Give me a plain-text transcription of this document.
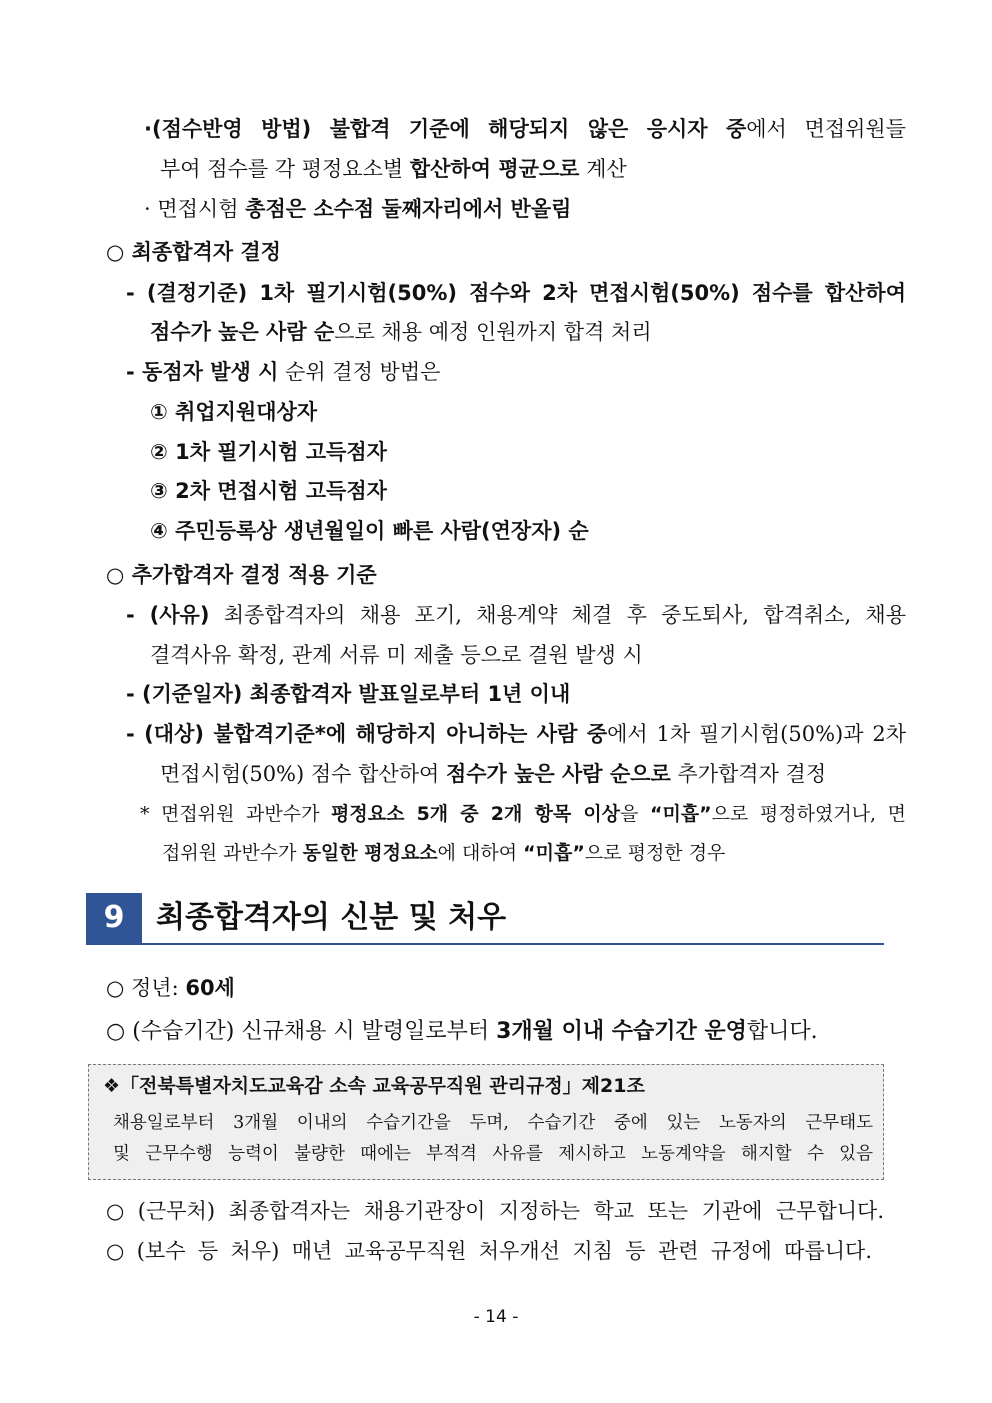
·(점수반영 방법) 불합격 기준에 해당되지 않은 응시자 중에서 면접위원들
부여 점수를 각 평정요소별 합산하여 평균으로 계산
· 면접시험 총점은 소수점 둘째자리에서 반올림
○ 최종합격자 결정
- (결정기준) 1차 필기시험(50%) 점수와 2차 면접시험(50%) 점수를 합산하여
점수가 높은 사람 순으로 채용 예정 인원까지 합격 처리
- 동점자 발생 시 순위 결정 방법은
① 취업지원대상자
② 1차 필기시험 고득점자
③ 2차 면접시험 고득점자
④ 주민등록상 생년월일이 빠른 사람(연장자) 순
○ 추가합격자 결정 적용 기준
- (사유) 최종합격자의 채용 포기, 채용계약 체결 후 중도퇴사, 합격취소, 채용
결격사유 확정, 관계 서류 미 제출 등으로 결원 발생 시
- (기준일자) 최종합격자 발표일로부터 1년 이내
- (대상) 불합격기준*에 해당하지 아니하는 사람 중에서 1차 필기시험(50%)과 2차
면접시험(50%) 점수 합산하여 점수가 높은 사람 순으로 추가합격자 결정
* 면접위원 과반수가 평정요소 5개 중 2개 항목 이상을 “미흡”으로 평정하였거나, 면
접위원 과반수가 동일한 평정요소에 대하여 “미흡”으로 평정한 경우
9	최종합격자의 신분 및 처우
○ 정년: 60세
○ (수습기간) 신규채용 시 발령일로부터 3개월 이내 수습기간 운영합니다.
❖「전북특별자치도교육감 소속 교육공무직원 관리규정」제21조
채용일로부터 3개월 이내의 수습기간을 두며, 수습기간 중에 있는 노동자의 근무태도
및 근무수행 능력이 불량한 때에는 부적격 사유를 제시하고 노동계약을 해지할 수 있음
○ (근무처) 최종합격자는 채용기관장이 지정하는 학교 또는 기관에 근무합니다.
○ (보수 등 처우) 매년 교육공무직원 처우개선 지침 등 관련 규정에 따릅니다.
- 14 -
